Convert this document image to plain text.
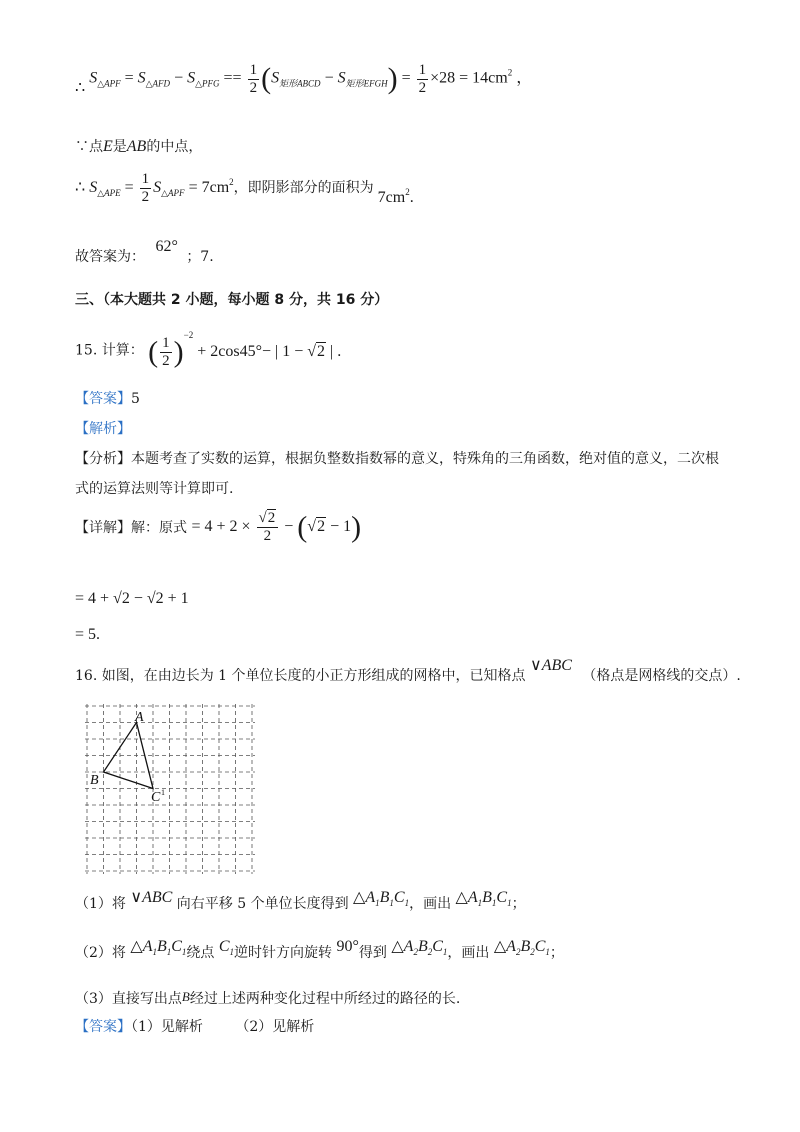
∴ $S_{\triangle APF} = S_{\triangle AFD} - S_{\triangle PFG} == \frac{1}{2} (S_{矩形ABCD} - S_{矩形EFGH}) = \frac{1}{2} \times 28 = 14cm^2$ ，
∵点E是AB的中点，
∴ $S_{\triangle APE} = \frac{1}{2} S_{\triangle APF} = 7cm^2$，即阴影部分的面积为 $7cm^2$.
故答案为： 62° ；7.
三、（本大题共 2 小题，每小题 8 分，共 16 分）
15. 计算： ( $\frac{1}{2} )^{-2} + 2\cos 45^\circ-$ | 1 − √2 | .
【答案】5
【解析】
【分析】本题考查了实数的运算，根据负整数指数幂的意义，特殊角的三角函数，绝对值的意义，二次根
式的运算法则等计算即可.
【详解】解：原式 = $4 + 2 \times \frac{√2}{2} - (√2 - 1)$
= 4 + √2 − √2 + 1
= 5.
16. 如图，在由边长为 1 个单位长度的小正方形组成的网格中，已知格点 ∨ABC （格点是网格线的交点）.
A
B
C 1
（1）将 ∨ABC 向右平移 5 个单位长度得到 $\triangle A_1B_1C_1$，画出 $\triangle A_1B_1C_1$；
（2）将 $\triangle A_1B_1C_1$绕点 $C_1$逆时针方向旋转 90°得到 $\triangle A_2B_2C_1$，画出 $\triangle A_2B_2C_1$；
（3）直接写出点B经过上述两种变化过程中所经过的路径的长.
【答案】（1）见解析 （2）见解析
